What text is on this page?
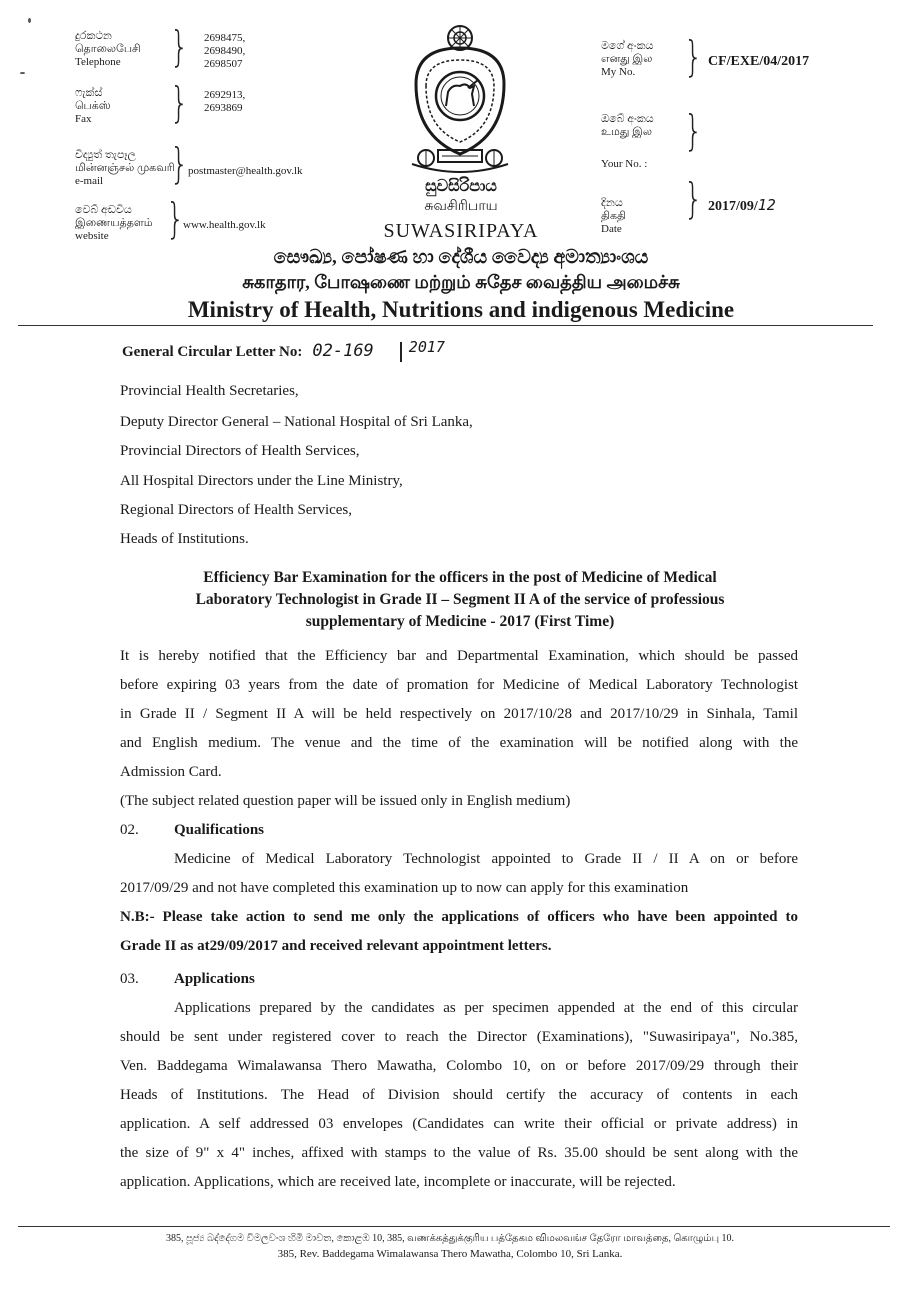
දුරකථන
தொலைபேசி
Telephone	} 2698475,
2698490,
2698507
ෆැක්ස්
பெக்ஸ்
Fax	} 2692913,
2693869
විද්‍යුත් තැපෑල
மின்னஞ்சல் முகவரி
e-mail	} postmaster@health.gov.lk
වෙබ් අඩවිය
இணையத்தளம்
website	}
www.health.gov.lk
සුවසිරිපාය
சுவசிரிபாய
SUWASIRIPAYA
මගේ අංකය
எனது இல
My No.	} CF/EXE/04/2017
ඔබේ අංකය
உமது இல }
Your No. :
දිනය
திகதி
Date
} 2017/09/12
සෞඛ්‍ය, පෝෂණ හා දේශීය වෛද්‍ය අමාත්‍යාංශය
சுகாதார, போஷணை மற்றும் சுதேச வைத்திய அமைச்சு
Ministry of Health, Nutritions and indigenous Medicine
General Circular Letter No: 02-169 2017
Provincial Health Secretaries,
Deputy Director General – National Hospital of Sri Lanka,
Provincial Directors of Health Services,
All Hospital Directors under the Line Ministry,
Regional Directors of Health Services,
Heads of Institutions.
Efficiency Bar Examination for the officers in the post of Medicine of Medical
Laboratory Technologist in Grade II – Segment II A of the service of professious
supplementary of Medicine - 2017 (First Time)
It is hereby notified that the Efficiency bar and Departmental Examination, which should be passed
before expiring 03 years from the date of promation for Medicine of Medical Laboratory Technologist
in Grade II / Segment II A will be held respectively on 2017/10/28 and 2017/10/29 in Sinhala, Tamil
and English medium. The venue and the time of the examination will be notified along with the
Admission Card.
(The subject related question paper will be issued only in English medium)
02. Qualifications
Medicine of Medical Laboratory Technologist appointed to Grade II / II A on or before
2017/09/29 and not have completed this examination up to now can apply for this examination
N.B:- Please take action to send me only the applications of officers who have been appointed to
Grade II as at29/09/2017 and received relevant appointment letters.
03. Applications
Applications prepared by the candidates as per specimen appended at the end of this circular
should be sent under registered cover to reach the Director (Examinations), "Suwasiripaya", No.385,
Ven. Baddegama Wimalawansa Thero Mawatha, Colombo 10, on or before 2017/09/29 through their
Heads of Institutions. The Head of Division should certify the accuracy of contents in each
application. A self addressed 03 envelopes (Candidates can write their official or private address) in
the size of 9" x 4" inches, affixed with stamps to the value of Rs. 35.00 should be sent along with the
application. Applications, which are received late, incomplete or inaccurate, will be rejected.
385, පූජ්‍ය බද්දේගම විමලවංශ හිමි මාවත, කොළඹ 10, 385, வணக்கத்துக்குரிய பத்தேகம விமலவங்ச தேரோ மாவத்தை, கொழும்பு 10.
385, Rev. Baddegama Wimalawansa Thero Mawatha, Colombo 10, Sri Lanka.
